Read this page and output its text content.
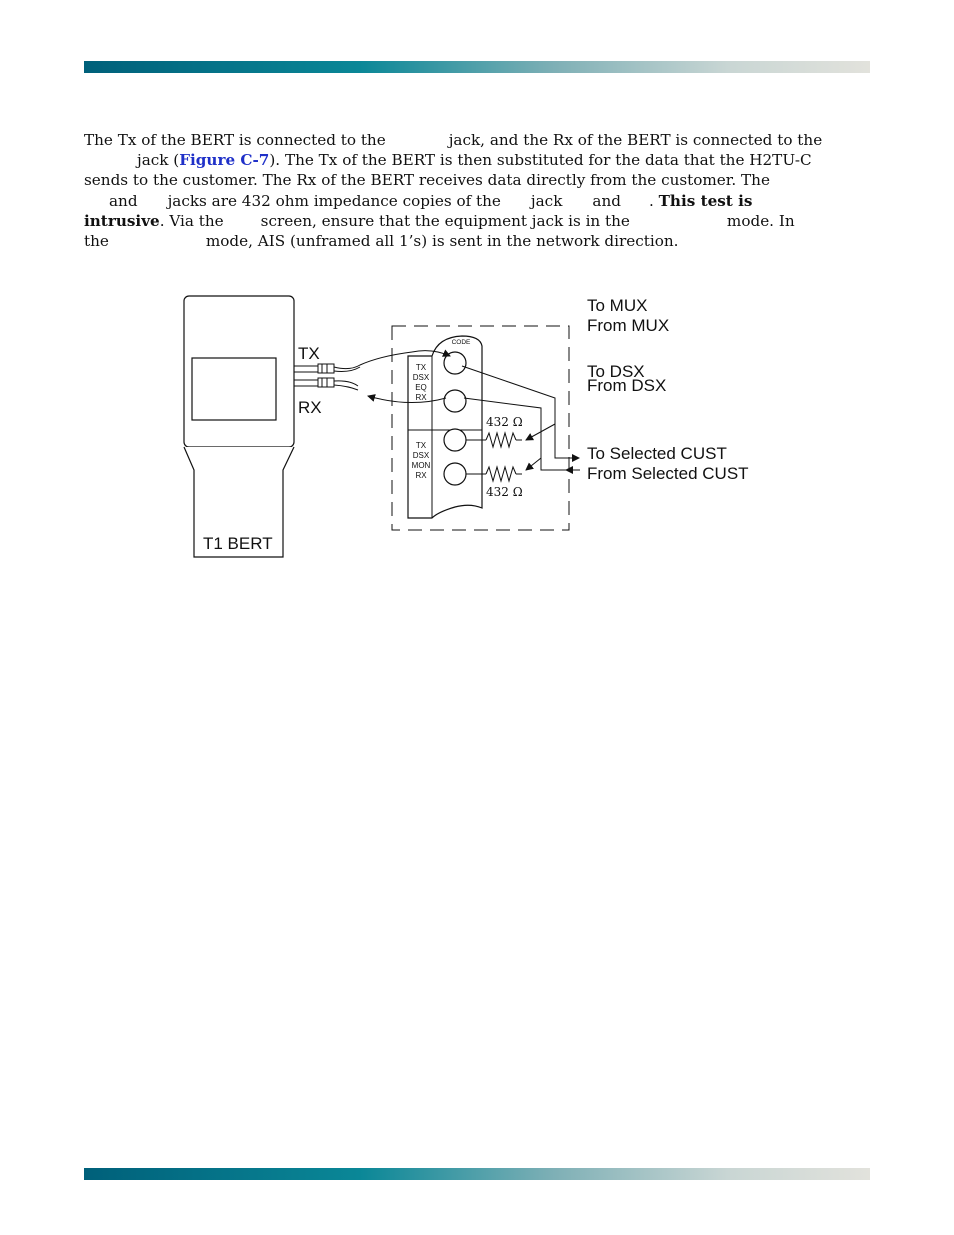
The Tx of the BERT is connected to the	jack, and the Rx of the BERT is connected to the
jack (Figure C-7). The Tx of the BERT is then substituted for the data that the H2TU-C
sends to the customer. The Rx of the BERT receives data directly from the customer. The
and jacks are 432 ohm impedance copies of the jack and . This test is
intrusive. Via the screen, ensure that the equipment jack is in the	mode. In
the	mode, AIS (unframed all 1’s) is sent in the network direction.
T1 BERT
TX
RX
CODE
TX
DSX
EQ
RX
TX
DSX
MON
RX
432 Ω
432 Ω
To MUX
From MUX
To DSX
From DSX
To Selected CUST
From Selected CUST
